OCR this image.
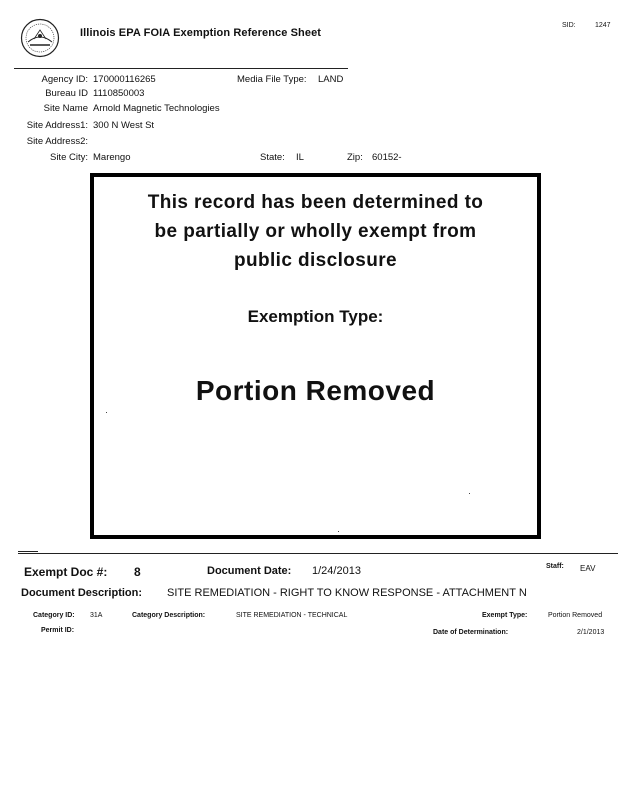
Illinois EPA FOIA Exemption Reference Sheet
SID:	1247
Agency ID: 170000116265	Media File Type: LAND
Bureau ID 1110850003
Site Name Arnold Magnetic Technologies
Site Address1: 300 N West St
Site Address2:
Site City: Marengo	State: IL	Zip: 60152-
This record has been determined to
be partially or wholly exempt from
public disclosure
Exemption Type:
Portion Removed
Exempt Doc #: 8	Document Date: 1/24/2013	Staff: EAV
Document Description: SITE REMEDIATION - RIGHT TO KNOW RESPONSE - ATTACHMENT N
Category ID: 31A	Category Description:	SITE REMEDIATION - TECHNICAL	Exempt Type:	Portion Removed
Permit ID:	Date of Determination:	2/1/2013
